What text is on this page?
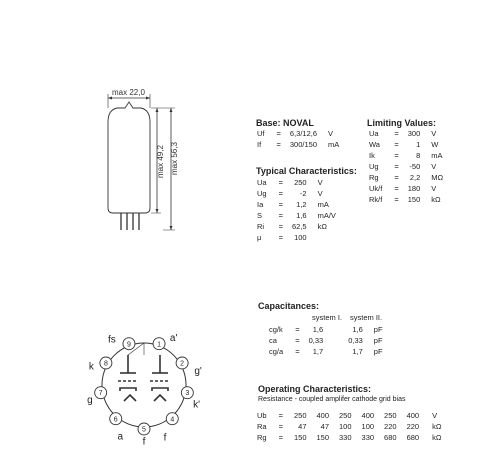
max 22,0
max 49,2 max 56,3
Base: NOVAL
Uf	=	6,3/12,6	V
If	=	300/150	mA
Typical Characteristics:
Ua	=	250	V
Ug	=	-2	V
Ia	=	1,2	mA
S	=	1,6	mA/V
Ri	=	62,5	kΩ
μ	=	100	
Limiting Values:
Ua	=	300	V
Wa	=	1	W
Ik	=	8	mA
Ug	=	-50	V
Rg	=	2,2	MΩ
Uk/f	=	180	V
Rk/f	=	150	kΩ
Capacitances:
system I. system II.
cg/k	=	1,6	1,6	pF
ca	=	0,33	0,33	pF
cg/a	=	1,7	1,7	pF
Operating Characteristics:
Resistance - coupled amplifer cathode grid bias
Ub	=	250	400	250	400	250	400	V
Ra	=	47	47	100	100	220	220	kΩ
Rg	=	150	150	330	330	680	680	kΩ
1
a'
2
g'
3
k'
4
f
5
f
6
a
7
g
8
k
9
fs
